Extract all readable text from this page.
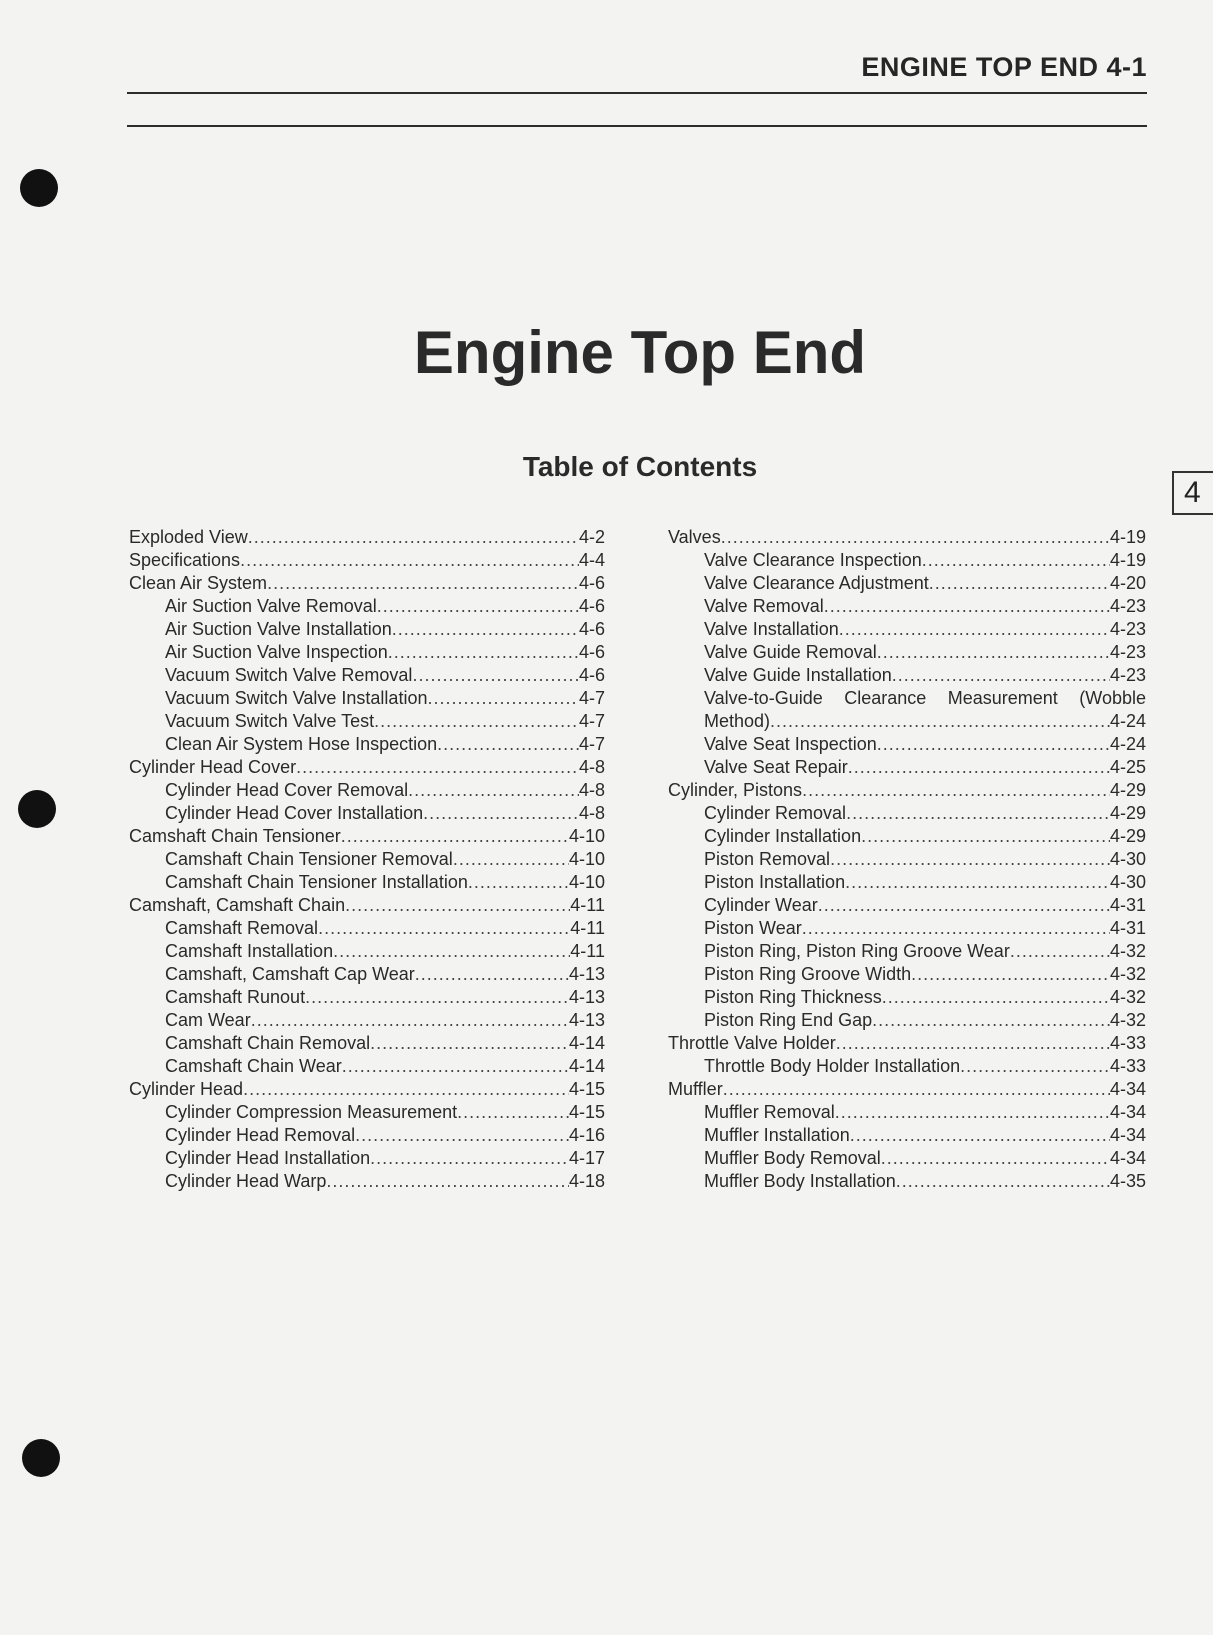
ENGINE TOP END 4-1
Engine Top End
Table of Contents
4
Exploded View .....	4-2
Specifications .....	4-4
Clean Air System .....	4-6
Air Suction Valve Removal .....	4-6
Air Suction Valve Installation .....	4-6
Air Suction Valve Inspection .....	4-6
Vacuum Switch Valve Removal .....	4-6
Vacuum Switch Valve Installation .....	4-7
Vacuum Switch Valve Test .....	4-7
Clean Air System Hose Inspection .....	4-7
Cylinder Head Cover .....	4-8
Cylinder Head Cover Removal .....	4-8
Cylinder Head Cover Installation .....	4-8
Camshaft Chain Tensioner .....	4-10
Camshaft Chain Tensioner Removal .....	4-10
Camshaft Chain Tensioner Installation .....	4-10
Camshaft, Camshaft Chain .....	4-11
Camshaft Removal .....	4-11
Camshaft Installation .....	4-11
Camshaft, Camshaft Cap Wear .....	4-13
Camshaft Runout .....	4-13
Cam Wear .....	4-13
Camshaft Chain Removal .....	4-14
Camshaft Chain Wear .....	4-14
Cylinder Head .....	4-15
Cylinder Compression Measurement .....	4-15
Cylinder Head Removal .....	4-16
Cylinder Head Installation .....	4-17
Cylinder Head Warp .....	4-18
Valves .....	4-19
Valve Clearance Inspection .....	4-19
Valve Clearance Adjustment .....	4-20
Valve Removal .....	4-23
Valve Installation .....	4-23
Valve Guide Removal .....	4-23
Valve Guide Installation .....	4-23
Valve-to-Guide Clearance Measurement (Wobble
Method) .....	4-24
Valve Seat Inspection .....	4-24
Valve Seat Repair .....	4-25
Cylinder, Pistons .....	4-29
Cylinder Removal .....	4-29
Cylinder Installation .....	4-29
Piston Removal .....	4-30
Piston Installation .....	4-30
Cylinder Wear .....	4-31
Piston Wear .....	4-31
Piston Ring, Piston Ring Groove Wear .....	4-32
Piston Ring Groove Width .....	4-32
Piston Ring Thickness .....	4-32
Piston Ring End Gap .....	4-32
Throttle Valve Holder .....	4-33
Throttle Body Holder Installation .....	4-33
Muffler .....	4-34
Muffler Removal .....	4-34
Muffler Installation .....	4-34
Muffler Body Removal .....	4-34
Muffler Body Installation .....	4-35
